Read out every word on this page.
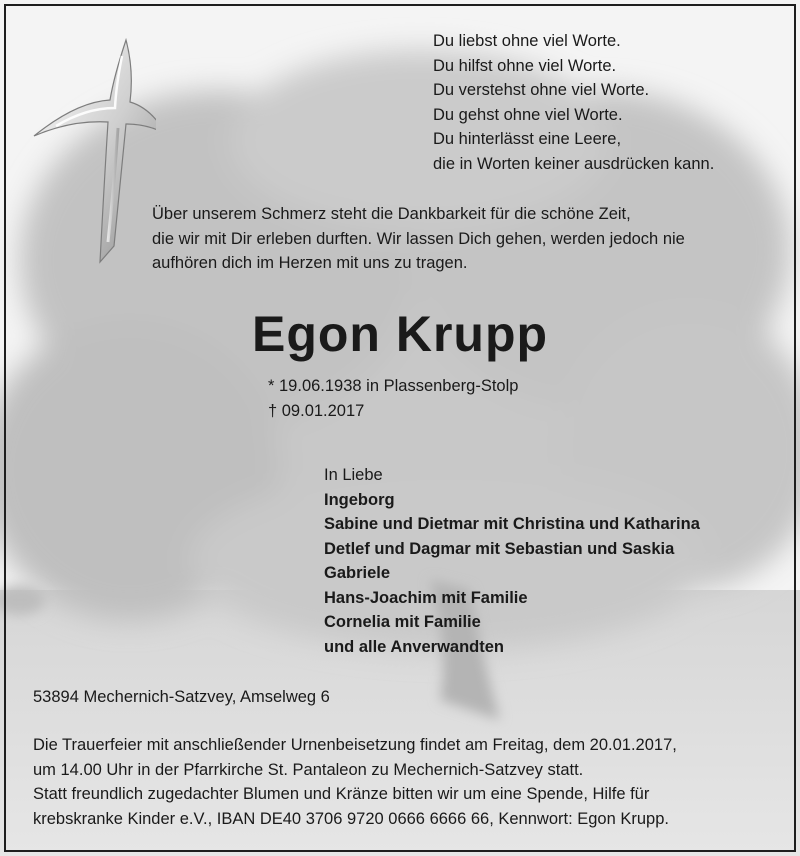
Du liebst ohne viel Worte.
Du hilfst ohne viel Worte.
Du verstehst ohne viel Worte.
Du gehst ohne viel Worte.
Du hinterlässt eine Leere,
die in Worten keiner ausdrücken kann.
Über unserem Schmerz steht die Dankbarkeit für die schöne Zeit,
die wir mit Dir erleben durften. Wir lassen Dich gehen, werden jedoch nie
aufhören dich im Herzen mit uns zu tragen.
Egon Krupp
* 19.06.1938 in Plassenberg-Stolp
† 09.01.2017
In Liebe
Ingeborg
Sabine und Dietmar mit Christina und Katharina
Detlef und Dagmar mit Sebastian und Saskia
Gabriele
Hans-Joachim mit Familie
Cornelia mit Familie
und alle Anverwandten
53894 Mechernich-Satzvey, Amselweg 6
Die Trauerfeier mit anschließender Urnenbeisetzung findet am Freitag, dem 20.01.2017,
um 14.00 Uhr in der Pfarrkirche St. Pantaleon zu Mechernich-Satzvey statt.
Statt freundlich zugedachter Blumen und Kränze bitten wir um eine Spende, Hilfe für
krebskranke Kinder e.V., IBAN DE40 3706 9720 0666 6666 66, Kennwort: Egon Krupp.
